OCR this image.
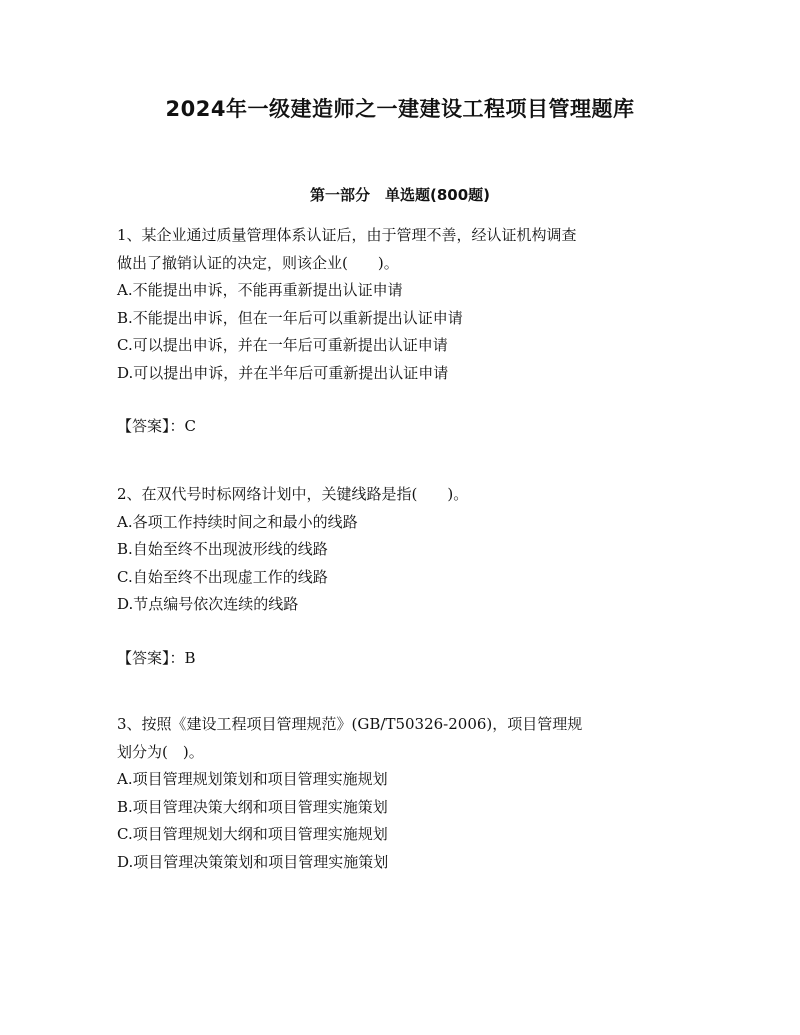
2024年一级建造师之一建建设工程项目管理题库
第一部分　单选题(800题)
1、某企业通过质量管理体系认证后，由于管理不善，经认证机构调查
做出了撤销认证的决定，则该企业(　　)。
A.不能提出申诉，不能再重新提出认证申请
B.不能提出申诉，但在一年后可以重新提出认证申请
C.可以提出申诉，并在一年后可重新提出认证申请
D.可以提出申诉，并在半年后可重新提出认证申请
【答案】：C
2、在双代号时标网络计划中，关键线路是指(　　)。
A.各项工作持续时间之和最小的线路
B.自始至终不出现波形线的线路
C.自始至终不出现虚工作的线路
D.节点编号依次连续的线路
【答案】：B
3、按照《建设工程项目管理规范》(GB/T50326-2006)，项目管理规
划分为(　)。
A.项目管理规划策划和项目管理实施规划
B.项目管理决策大纲和项目管理实施策划
C.项目管理规划大纲和项目管理实施规划
D.项目管理决策策划和项目管理实施策划
